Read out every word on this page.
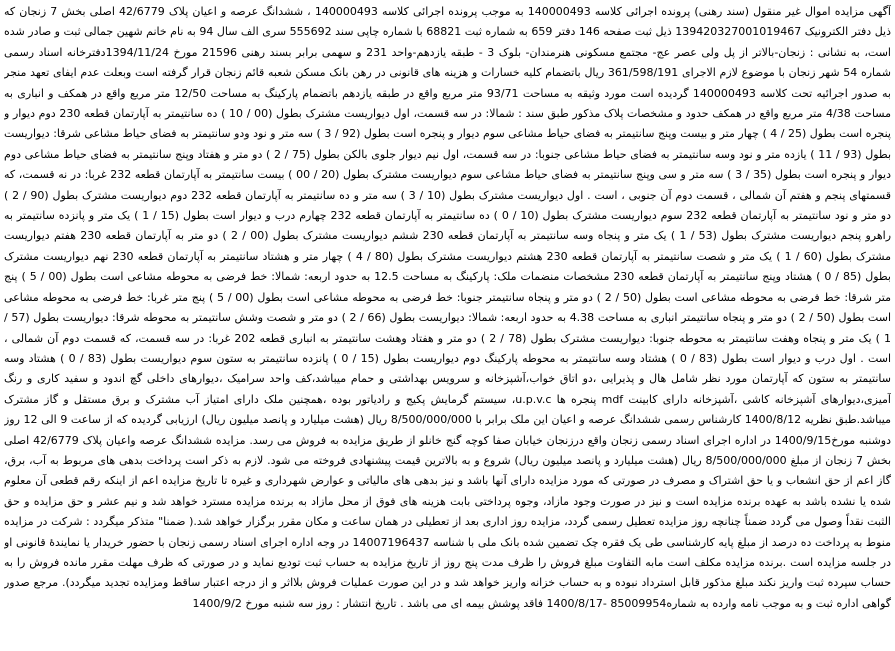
آگهی مزایده اموال غیر منقول (سند رهنی) پرونده اجرائی کلاسه 140000493 به موجب پرونده اجرائی کلاسه 140000493 ، ششدانگ عرصه و اعیان پلاک 42/6779 اصلی بخش 7 زنجان که ذیل دفتر الکترونیک 139420327001019467 ذیل ثبت صفحه 146 دفتر 659 به شماره ثبت 68821 با شماره چاپی سند 555692 سری الف سال 94 به نام خانم شهین جمالی ثبت و صادر شده است، به نشانی : زنجان-بالاتر از پل ولی عصر عج- مجتمع مسکونی هنرمندان- بلوک 3 - طبقه یازدهم-واحد 231 و سهمی برابر بسند رهنی 21596 مورخ 1394/11/24دفترخانه اسناد رسمی شماره 54 شهر زنجان با موضوع لازم الاجرای 361/598/191 ریال باتضمام کلیه خسارات و هزینه های قانونی در رهن بانک مسکن شعبه قائم زنجان قرار گرفته است وبعلت عدم ایفای تعهد منجر به صدور اجرائیه تحت کلاسه 140000493 گردیده است مورد وثیقه به مساحت 93/71 متر مربع واقع در طبقه یازدهم باتضمام پارکینگ به مساحت 12/50 متر مربع واقع در همکف و انباری به مساحت 4/38 متر مربع واقع در همکف حدود و مشخصات پلاک مذکور طبق سند : شمالا: در سه قسمت، اول دیواریست مشترک بطول (00 / 10 ) ده سانتیمتر به آپارتمان قطعه 230 دوم دیوار و پنجره است بطول (25 / 4 ) چهار متر و بیست وپنج سانتیمتر به فضای حیاط مشاعی سوم دیوار و پنجره است بطول (92 / 3 ) سه متر و نود ودو سانتیمتر به فضای حیاط مشاعی شرقا: دیواریست بطول (93 / 11 ) یازده متر و نود وسه سانتیمتر به فضای حیاط مشاعی جنوبا: در سه قسمت، اول نیم دیوار جلوی بالکن بطول (75 / 2 ) دو متر و هفتاد وپنج سانتیمتر به فضای حیاط مشاعی دوم دیوار و پنجره است بطول (35 / 3 ) سه متر و سی وپنج سانتیمتر به فضای حیاط مشاعی سوم دیواریست مشترک بطول (20 / 00 ) بیست سانتیمتر به آپارتمان قطعه 232 غربا: در نه قسمت، که قسمتهای پنجم و هفتم آن شمالی ، قسمت دوم آن جنوبی ، است . اول دیواریست مشترک بطول (10 / 3 ) سه متر و ده سانتیمتر به آپارتمان قطعه 232 دوم دیواریست مشترک بطول (90 / 2 ) دو متر و نود سانتیمتر به آپارتمان قطعه 232 سوم دیواریست مشترک بطول (10 / 0 ) ده سانتیمتر به آپارتمان قطعه 232 چهارم درب و دیوار است بطول (15 / 1 ) یک متر و پانزده سانتیمتر به راهرو پنجم دیواریست مشترک بطول (53 / 1 ) یک متر و پنجاه وسه سانتیمتر به آپارتمان قطعه 230 ششم دیواریست مشترک بطول (00 / 2 ) دو متر به آپارتمان قطعه 230 هفتم دیواریست مشترک بطول (60 / 1 ) یک متر و شصت سانتیمتر به آپارتمان قطعه 230 هشتم دیواریست مشترک بطول (80 / 4 ) چهار متر و هشتاد سانتیمتر به آپارتمان قطعه 230 نهم دیواریست مشترک بطول (85 / 0 ) هشتاد وپنج سانتیمتر به آپارتمان قطعه 230 مشخصات منضمات ملک: پارکینگ به مساحت 12.5 به حدود اربعه: شمالا: خط فرضی به محوطه مشاعی است بطول (00 / 5 ) پنج متر شرقا: خط فرضی به محوطه مشاعی است بطول (50 / 2 ) دو متر و پنجاه سانتیمتر جنوبا: خط فرضی به محوطه مشاعی است بطول (00 / 5 ) پنج متر غربا: خط فرضی به محوطه مشاعی است بطول (50 / 2 ) دو متر و پنجاه سانتیمتر انباری به مساحت 4.38 به حدود اربعه: شمالا: دیواریست بطول (66 / 2 ) دو متر و شصت وشش سانتیمتر به محوطه شرقا: دیواریست بطول (57 / 1 ) یک متر و پنجاه وهفت سانتیمتر به محوطه جنوبا: دیواریست مشترک بطول (78 / 2 ) دو متر و هفتاد وهشت سانتیمتر به انباری قطعه 202 غربا: در سه قسمت، که قسمت دوم آن شمالی ، است . اول درب و دیوار است بطول (83 / 0 ) هشتاد وسه سانتیمتر به محوطه پارکینگ دوم دیواریست بطول (15 / 0 ) پانزده سانتیمتر به ستون سوم دیواریست بطول (83 / 0 ) هشتاد وسه سانتیمتر به ستون که آپارتمان مورد نظر شامل هال و پذیرایی ،دو اتاق خواب،آشپزخانه و سرویس بهداشتی و حمام میباشد،کف واحد سرامیک ،دیوارهای داخلی گچ اندود و سفید کاری و رنگ آمیزی،دیوارهای آشپزخانه کاشی ،آشپزخانه دارای کابینت mdf پنجره ها u.p.v.c، سیستم گرمایش پکیج و رادیاتور بوده ،همچنین ملک دارای امتیاز آب مشترک و برق مستقل و گاز مشترک میباشد.طبق نظریه 1400/8/12 کارشناس رسمی ششدانگ عرصه و اعیان این ملک برابر با 8/500/000/000 ریال (هشت میلیارد و پانصد میلیون ریال) ارزیابی گردیده که از ساعت 9 الی 12 روز دوشنبه مورخ1400/9/15 در اداره اجرای اسناد رسمی زنجان واقع درزنجان خیابان صفا کوچه گنج خانلو از طریق مزایده به فروش می رسد. مزایده ششدانگ عرصه واعیان پلاک 42/6779 اصلی بخش 7 زنجان از مبلغ 8/500/000/000 ریال (هشت میلیارد و پانصد میلیون ریال) شروع و به بالاترین قیمت پیشنهادی فروخته می شود. لازم به ذکر است پرداخت بدهی های مربوط به آب، برق، گاز اعم از حق انشعاب و یا حق اشتراک و مصرف در صورتی که مورد مزایده دارای آنها باشد و نیز بدهی های مالیاتی و عوارض شهرداری و غیره تا تاریخ مزایده اعم از اینکه رقم قطعی آن معلوم شده یا نشده باشد به عهده برنده مزایده است و نیز در صورت وجود مازاد، وجوه پرداختی بابت هزینه های فوق از محل مازاد به برنده مزایده مسترد خواهد شد و نیم عشر و حق مزایده و حق الثبت نقداً وصول می گردد ضمناً چنانچه روز مزایده تعطیل رسمی گردد، مزایده روز اداری بعد از تعطیلی در همان ساعت و مکان مقرر برگزار خواهد شد.( ضمنا" متذکر میگردد : شرکت در مزایده منوط به پرداخت ده درصد از مبلغ پایه کارشناسی طی یک فقره چک تضمین شده بانک ملی با شناسه 14007196437 در وجه اداره اجرای اسناد رسمی زنجان با حضور خریدار یا نمایندۀ قانونی او در جلسه مزایده است .برنده مزایده مکلف است مابه التفاوت مبلغ فروش را ظرف مدت پنج روز از تاریخ مزایده به حساب ثبت تودیع نماید و در صورتی که ظرف مهلت مقرر مانده فروش را به حساب سپرده ثبت واریز نکند مبلغ مذکور قابل استرداد نبوده و به حساب خزانه واریز خواهد شد و در این صورت عملیات فروش بلااثر و از درجه اعتبار ساقط ومزایده تجدید میگردد). مرجع صدور گواهی اداره ثبت و به موجب نامه وارده به شماره85009954 -1400/8/17 فاقد پوشش بیمه ای می باشد . تاریخ انتشار : روز سه شنبه مورخ 1400/9/2
